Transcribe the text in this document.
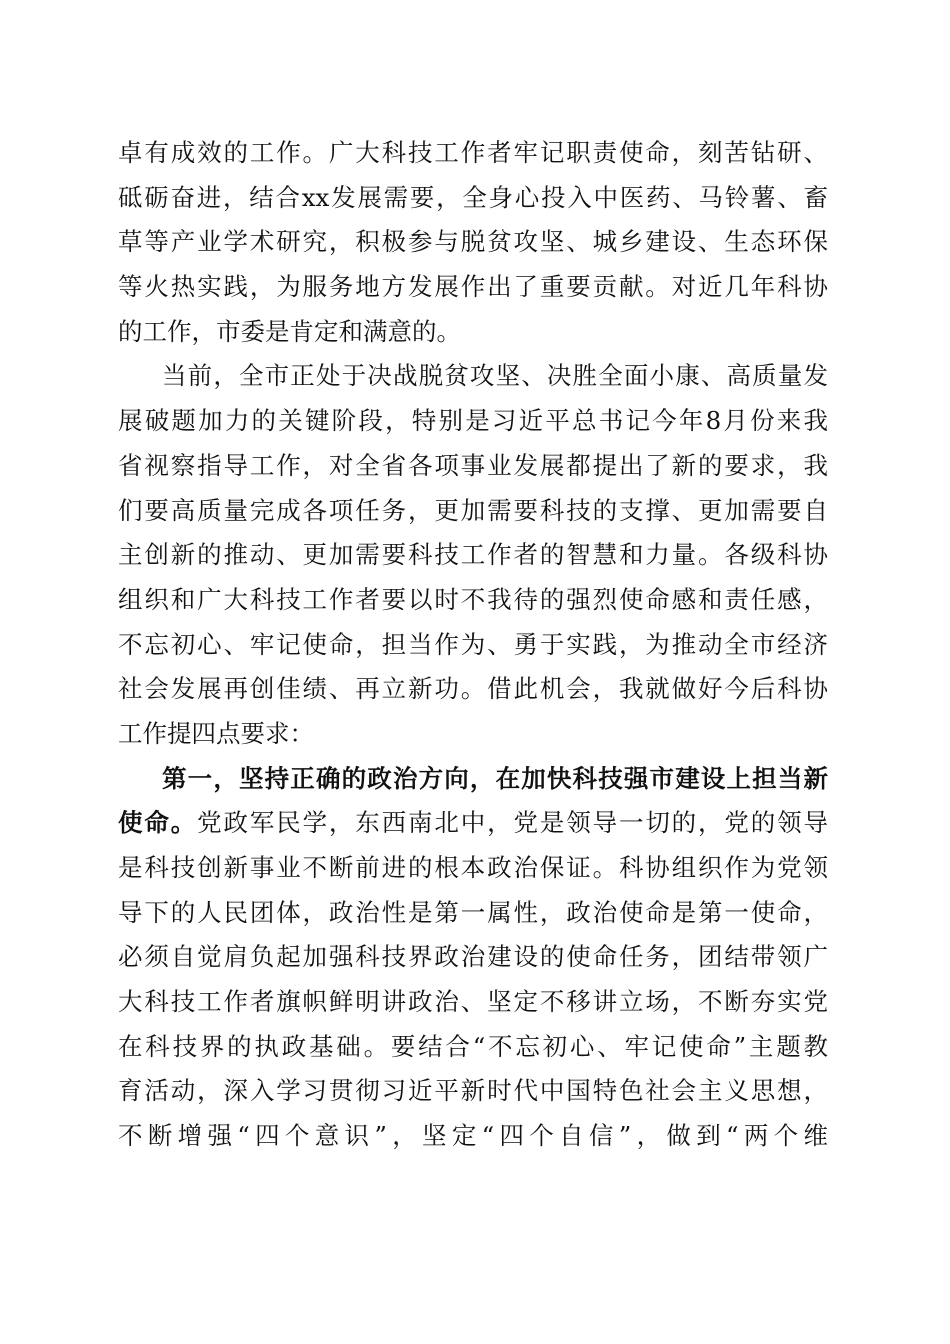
卓有成效的工作。广大科技工作者牢记职责使命，刻苦钻研、
砥砺奋进，结合xx发展需要，全身心投入中医药、马铃薯、畜
草等产业学术研究，积极参与脱贫攻坚、城乡建设、生态环保
等火热实践，为服务地方发展作出了重要贡献。对近几年科协
的工作，市委是肯定和满意的。
当前，全市正处于决战脱贫攻坚、决胜全面小康、高质量发
展破题加力的关键阶段，特别是习近平总书记今年8月份来我
省视察指导工作，对全省各项事业发展都提出了新的要求，我
们要高质量完成各项任务，更加需要科技的支撑、更加需要自
主创新的推动、更加需要科技工作者的智慧和力量。各级科协
组织和广大科技工作者要以时不我待的强烈使命感和责任感，
不忘初心、牢记使命，担当作为、勇于实践，为推动全市经济
社会发展再创佳绩、再立新功。借此机会，我就做好今后科协
工作提四点要求：
第一，坚持正确的政治方向，在加快科技强市建设上担当新
使命。党政军民学，东西南北中，党是领导一切的，党的领导
是科技创新事业不断前进的根本政治保证。科协组织作为党领
导下的人民团体，政治性是第一属性，政治使命是第一使命，
必须自觉肩负起加强科技界政治建设的使命任务，团结带领广
大科技工作者旗帜鲜明讲政治、坚定不移讲立场，不断夯实党
在科技界的执政基础。要结合“不忘初心、牢记使命”主题教
育活动，深入学习贯彻习近平新时代中国特色社会主义思想，
不断增强“四个意识”，坚定“四个自信”，做到“两个维
